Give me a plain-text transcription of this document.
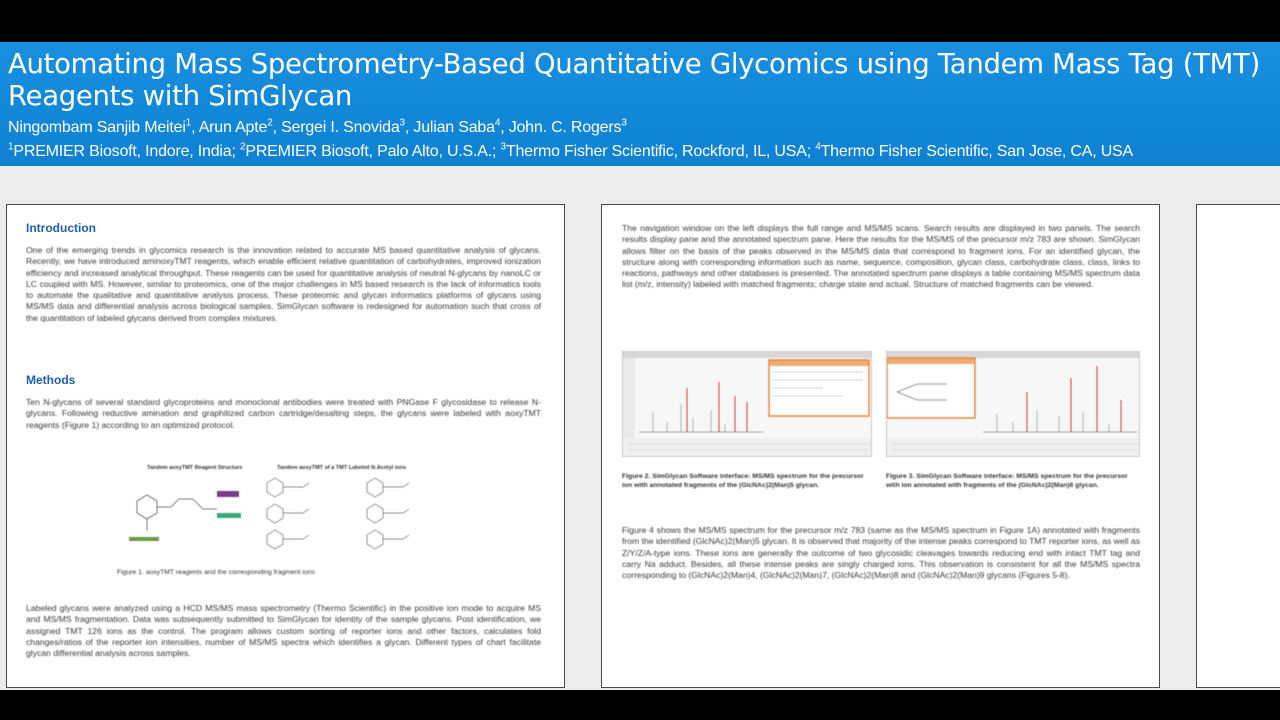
Automating Mass Spectrometry-Based Quantitative Glycomics using Tandem Mass Tag (TMT) Reagents with SimGlycan
Ningombam Sanjib Meitei$^1$, Arun Apte$^2$, Sergei I. Snovida$^3$, Julian Saba$^4$, John. C. Rogers$^3$
$^1$PREMIER Biosoft, Indore, India; $^2$PREMIER Biosoft, Palo Alto, U.S.A.; $^3$Thermo Fisher Scientific, Rockford, IL, USA; $^4$Thermo Fisher Scientific, San Jose, CA, USA
Introduction
One of the emerging trends in glycomics research is the innovation related to accurate MS based quantitative analysis of glycans. Recently, we have introduced aminoxyTMT reagents, which enable efficient relative quantitation of carbohydrates, improved ionization efficiency and increased analytical throughput. These reagents can be used for quantitative analysis of neutral N-glycans by nanoLC or LC coupled with MS. However, similar to proteomics, one of the major challenges in MS based research is the lack of informatics tools to automate the qualitative and quantitative analysis process. These proteomic and glycan informatics platforms of glycans using MS/MS data and differential analysis across biological samples. SimGlycan software is redesigned for automation such that cross of the quantitation of labeled glycans derived from complex mixtures.
Methods
Ten N-glycans of several standard glycoproteins and monoclonal antibodies were treated with PNGase F glycosidase to release N-glycans. Following reductive amination and graphitized carbon cartridge/desalting steps, the glycans were labeled with aoxyTMT reagents (Figure 1) according to an optimized protocol.
Tandem aoxyTMT Reagent Structure	Tandem aoxyTMT of a TMT Labeled N-Acetyl ions
Figure 1. aoxyTMT reagents and the corresponding fragment ions
Labeled glycans were analyzed using a HCD MS/MS mass spectrometry (Thermo Scientific) in the positive ion mode to acquire MS and MS/MS fragmentation. Data was subsequently submitted to SimGlycan for identity of the sample glycans. Post identification, we assigned TMT 126 ions as the control. The program allows custom sorting of reporter ions and other factors, calculates fold changes/ratios of the reporter ion intensities, number of MS/MS spectra which identifies a glycan. Different types of chart facilitate glycan differential analysis across samples.
The navigation window on the left displays the full range and MS/MS scans. Search results are displayed in two panels. The search results display pane and the annotated spectrum pane. Here the results for the MS/MS of the precursor m/z 783 are shown. SimGlycan allows filter on the basis of the peaks observed in the MS/MS data that correspond to fragment ions. For an identified glycan, the structure along with corresponding information such as name, sequence, composition, glycan class, carbohydrate class, class, links to reactions, pathways and other databases is presented. The annotated spectrum pane displays a table containing MS/MS spectrum data list (m/z, intensity) labeled with matched fragments; charge state and actual. Structure of matched fragments can be viewed.
Figure 2. SimGlycan Software interface: MS/MS spectrum for the precursor ion with annotated fragments of the (GlcNAc)2(Man)5 glycan.
Figure 3. SimGlycan Software interface: MS/MS spectrum for the precursor with ion annotated with fragments of the (GlcNAc)2(Man)6 glycan.
Figure 4 shows the MS/MS spectrum for the precursor m/z 783 (same as the MS/MS spectrum in Figure 1A) annotated with fragments from the identified (GlcNAc)2(Man)5 glycan. It is observed that majority of the intense peaks correspond to TMT reporter ions, as well as Z/Y/Z/A-type ions. These ions are generally the outcome of two glycosidic cleavages towards reducing end with intact TMT tag and carry Na adduct. Besides, all these intense peaks are singly charged ions. This observation is consistent for all the MS/MS spectra corresponding to (GlcNAc)2(Man)4, (GlcNAc)2(Man)7, (GlcNAc)2(Man)8 and (GlcNAc)2(Man)9 glycans (Figures 5-8).
